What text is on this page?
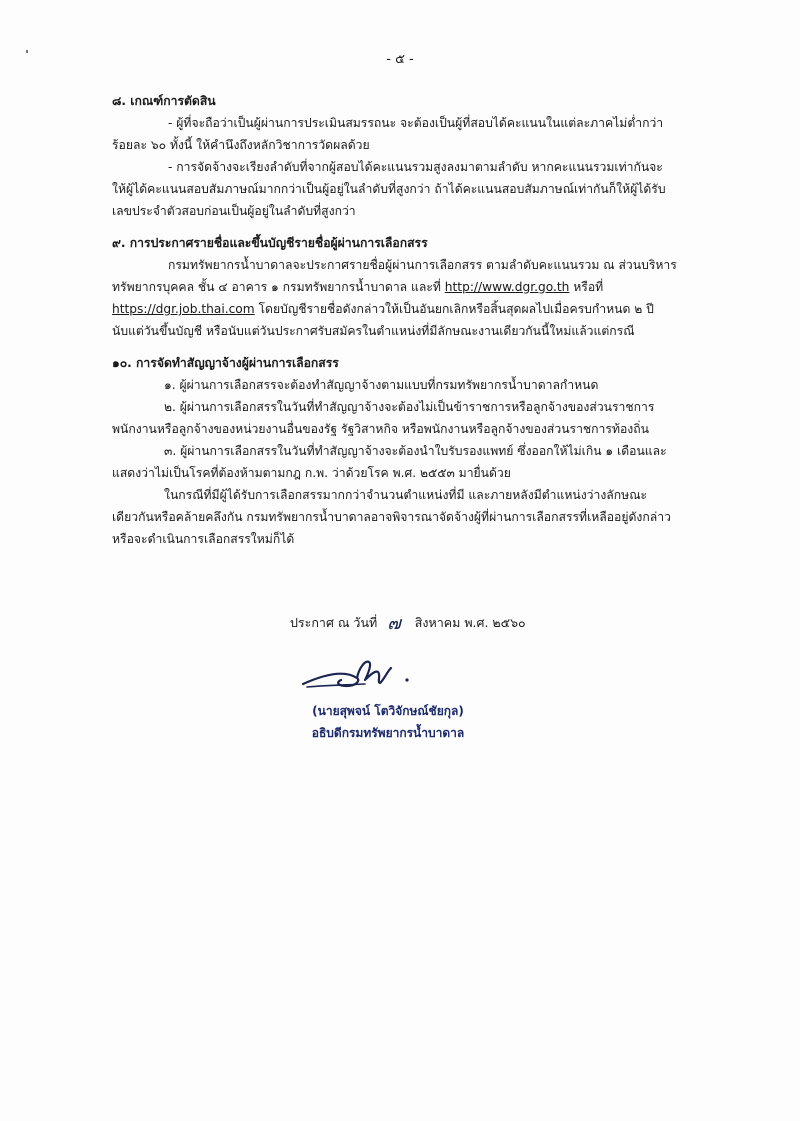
- ๕ -

๘. เกณฑ์การตัดสิน

- ผู้ที่จะถือว่าเป็นผู้ผ่านการประเมินสมรรถนะ จะต้องเป็นผู้ที่สอบได้คะแนนในแต่ละภาคไม่ต่ำกว่า

ร้อยละ ๖๐ ทั้งนี้ ให้คำนึงถึงหลักวิชาการวัดผลด้วย

- การจัดจ้างจะเรียงลำดับที่จากผู้สอบได้คะแนนรวมสูงลงมาตามลำดับ หากคะแนนรวมเท่ากันจะ

ให้ผู้ได้คะแนนสอบสัมภาษณ์มากกว่าเป็นผู้อยู่ในลำดับที่สูงกว่า ถ้าได้คะแนนสอบสัมภาษณ์เท่ากันก็ให้ผู้ได้รับ

เลขประจำตัวสอบก่อนเป็นผู้อยู่ในลำดับที่สูงกว่า

๙. การประกาศรายชื่อและขึ้นบัญชีรายชื่อผู้ผ่านการเลือกสรร

กรมทรัพยากรน้ำบาดาลจะประกาศรายชื่อผู้ผ่านการเลือกสรร ตามลำดับคะแนนรวม ณ ส่วนบริหาร

ทรัพยากรบุคคล ชั้น ๔ อาคาร ๑ กรมทรัพยากรน้ำบาดาล และที่ http://www.dgr.go.th หรือที่

https://dgr.job.thai.com โดยบัญชีรายชื่อดังกล่าวให้เป็นอันยกเลิกหรือสิ้นสุดผลไปเมื่อครบกำหนด ๒ ปี

นับแต่วันขึ้นบัญชี หรือนับแต่วันประกาศรับสมัครในตำแหน่งที่มีลักษณะงานเดียวกันนี้ใหม่แล้วแต่กรณี

๑๐. การจัดทำสัญญาจ้างผู้ผ่านการเลือกสรร

๑. ผู้ผ่านการเลือกสรรจะต้องทำสัญญาจ้างตามแบบที่กรมทรัพยากรน้ำบาดาลกำหนด

๒. ผู้ผ่านการเลือกสรรในวันที่ทำสัญญาจ้างจะต้องไม่เป็นข้าราชการหรือลูกจ้างของส่วนราชการ

พนักงานหรือลูกจ้างของหน่วยงานอื่นของรัฐ รัฐวิสาหกิจ หรือพนักงานหรือลูกจ้างของส่วนราชการท้องถิ่น

๓. ผู้ผ่านการเลือกสรรในวันที่ทำสัญญาจ้างจะต้องนำใบรับรองแพทย์ ซึ่งออกให้ไม่เกิน ๑ เดือนและ

แสดงว่าไม่เป็นโรคที่ต้องห้ามตามกฎ ก.พ. ว่าด้วยโรค พ.ศ. ๒๕๕๓ มายื่นด้วย

ในกรณีที่มีผู้ได้รับการเลือกสรรมากกว่าจำนวนตำแหน่งที่มี และภายหลังมีตำแหน่งว่างลักษณะ

เดียวกันหรือคล้ายคลึงกัน กรมทรัพยากรน้ำบาดาลอาจพิจารณาจัดจ้างผู้ที่ผ่านการเลือกสรรที่เหลืออยู่ดังกล่าว

หรือจะดำเนินการเลือกสรรใหม่ก็ได้

ประกาศ ณ วันที่ ๗ สิงหาคม พ.ศ. ๒๕๖๐
(นายสุพจน์ โตวิจักษณ์ชัยกุล)
อธิบดีกรมทรัพยากรน้ำบาดาล
